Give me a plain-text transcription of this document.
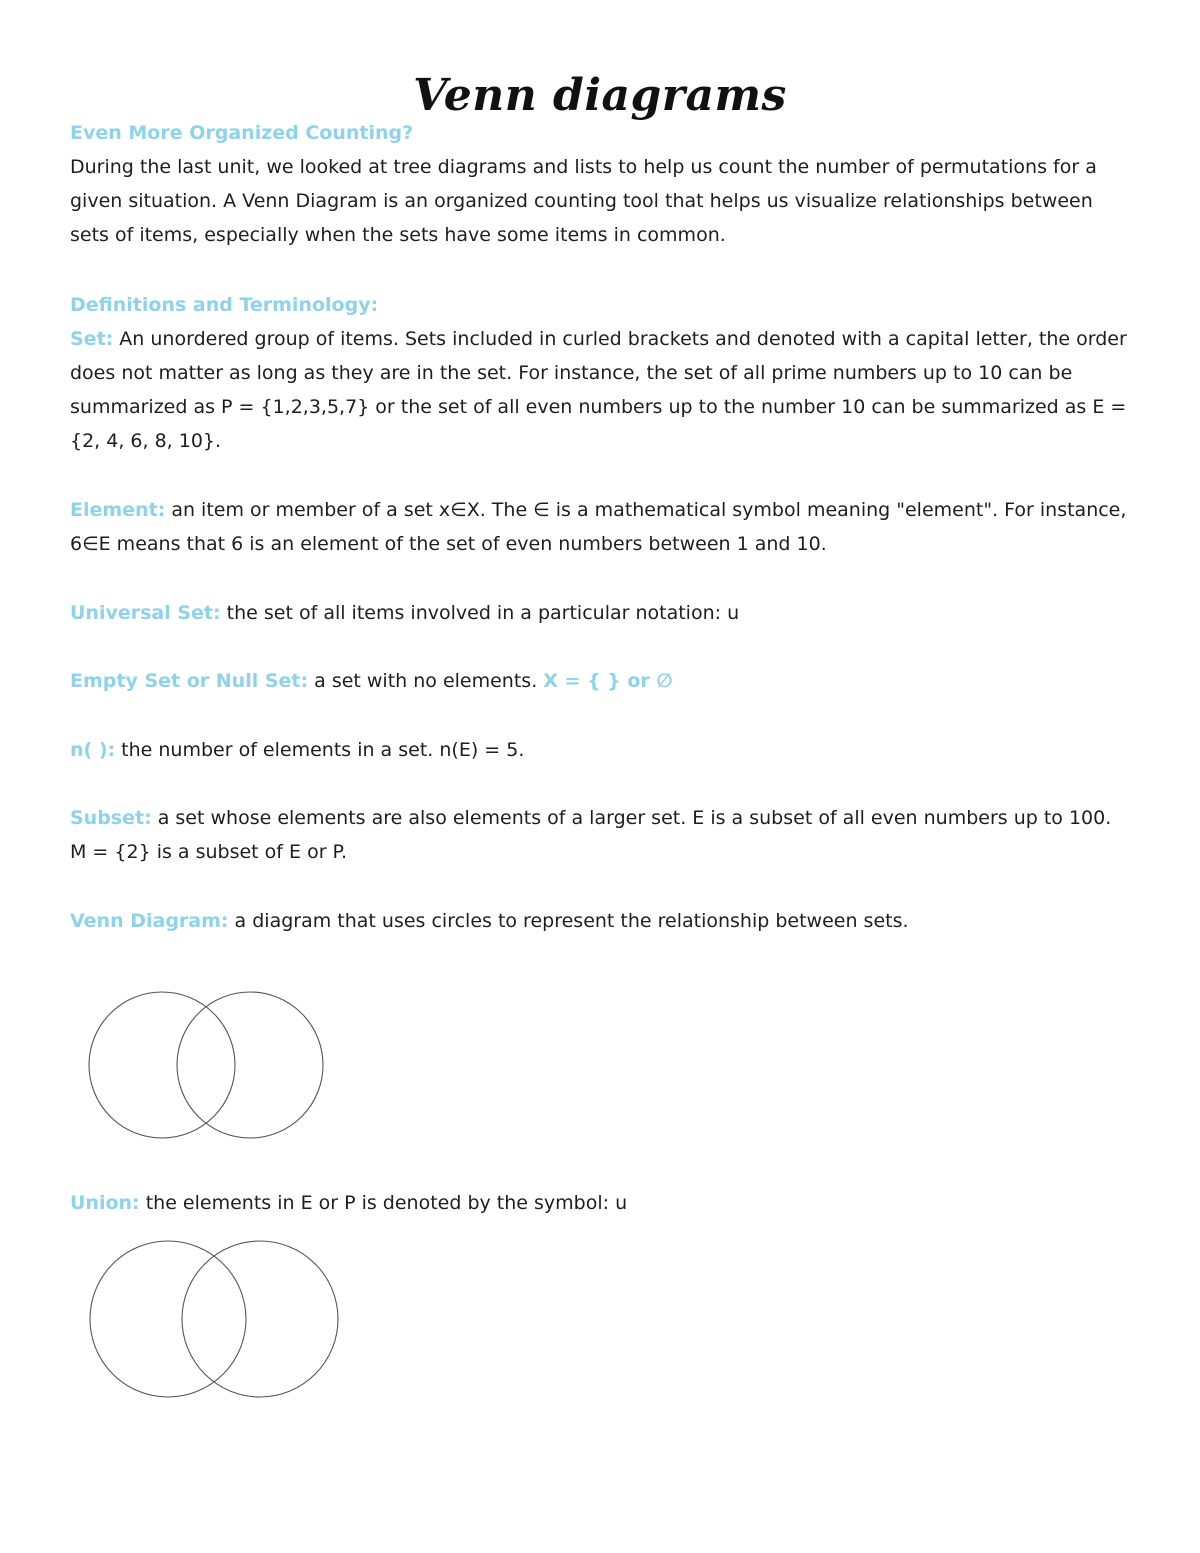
Venn diagrams

Even More Organized Counting?

During the last unit, we looked at tree diagrams and lists to help us count the number of permutations for a given situation. A Venn Diagram is an organized counting tool that helps us visualize relationships between sets of items, especially when the sets have some items in common.

Definitions and Terminology:

Set: An unordered group of items. Sets included in curled brackets and denoted with a capital letter, the order does not matter as long as they are in the set. For instance, the set of all prime numbers up to 10 can be summarized as P = {1,2,3,5,7} or the set of all even numbers up to the number 10 can be summarized as E = {2, 4, 6, 8, 10}.

Element: an item or member of a set x∈X. The ∈ is a mathematical symbol meaning "element". For instance, 6∈E means that 6 is an element of the set of even numbers between 1 and 10.

Universal Set: the set of all items involved in a particular notation: u

Empty Set or Null Set: a set with no elements. X = { } or ∅

n( ): the number of elements in a set. n(E) = 5.

Subset: a set whose elements are also elements of a larger set. E is a subset of all even numbers up to 100. M = {2} is a subset of E or P.

Venn Diagram: a diagram that uses circles to represent the relationship between sets.

Union: the elements in E or P is denoted by the symbol: u
